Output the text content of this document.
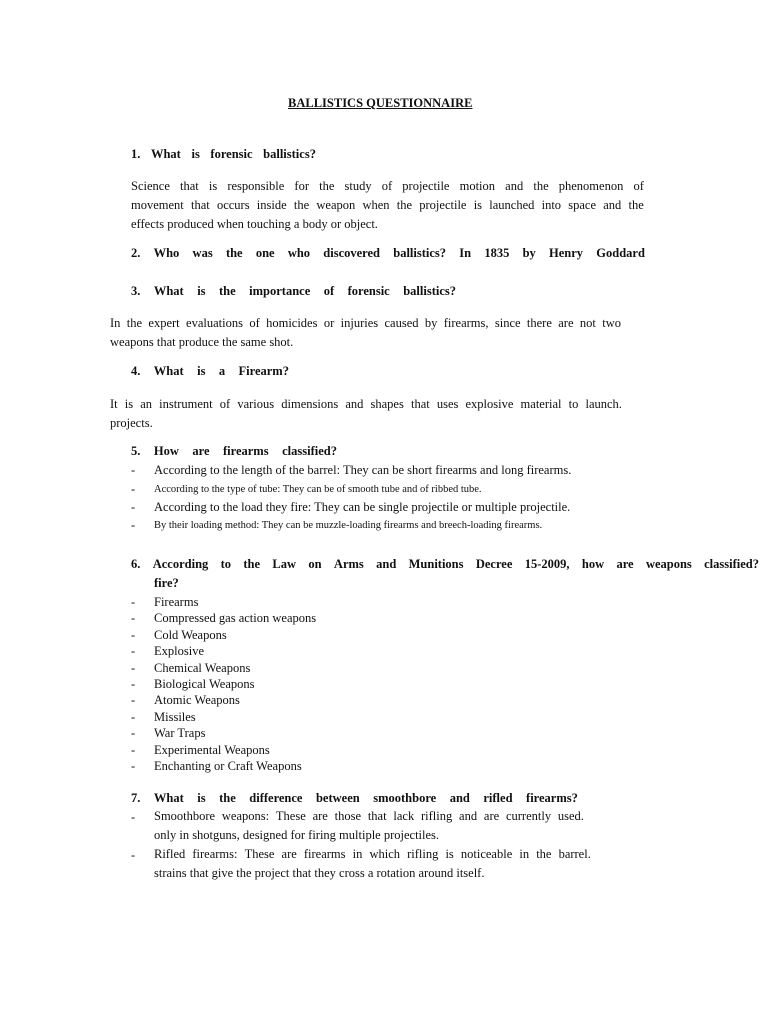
BALLISTICS QUESTIONNAIRE
1. What is forensic ballistics?
Science that is responsible for the study of projectile motion and the phenomenon of
movement that occurs inside the weapon when the projectile is launched into space and the
effects produced when touching a body or object.
2. Who was the one who discovered ballistics? In 1835 by Henry Goddard
3. What is the importance of forensic ballistics?
In the expert evaluations of homicides or injuries caused by firearms, since there are not two
weapons that produce the same shot.
4. What is a Firearm?
It is an instrument of various dimensions and shapes that uses explosive material to launch.
projects.
5. How are firearms classified?
- According to the length of the barrel: They can be short firearms and long firearms.
- According to the type of tube: They can be of smooth tube and of ribbed tube.
- According to the load they fire: They can be single projectile or multiple projectile.
- By their loading method: They can be muzzle-loading firearms and breech-loading firearms.
6. According to the Law on Arms and Munitions Decree 15-2009, how are weapons classified?
fire?
- Firearms
- Compressed gas action weapons
- Cold Weapons
- Explosive
- Chemical Weapons
- Biological Weapons
- Atomic Weapons
- Missiles
- War Traps
- Experimental Weapons
- Enchanting or Craft Weapons
7. What is the difference between smoothbore and rifled firearms?
- Smoothbore weapons: These are those that lack rifling and are currently used.
only in shotguns, designed for firing multiple projectiles.
- Rifled firearms: These are firearms in which rifling is noticeable in the barrel.
strains that give the project that they cross a rotation around itself.
